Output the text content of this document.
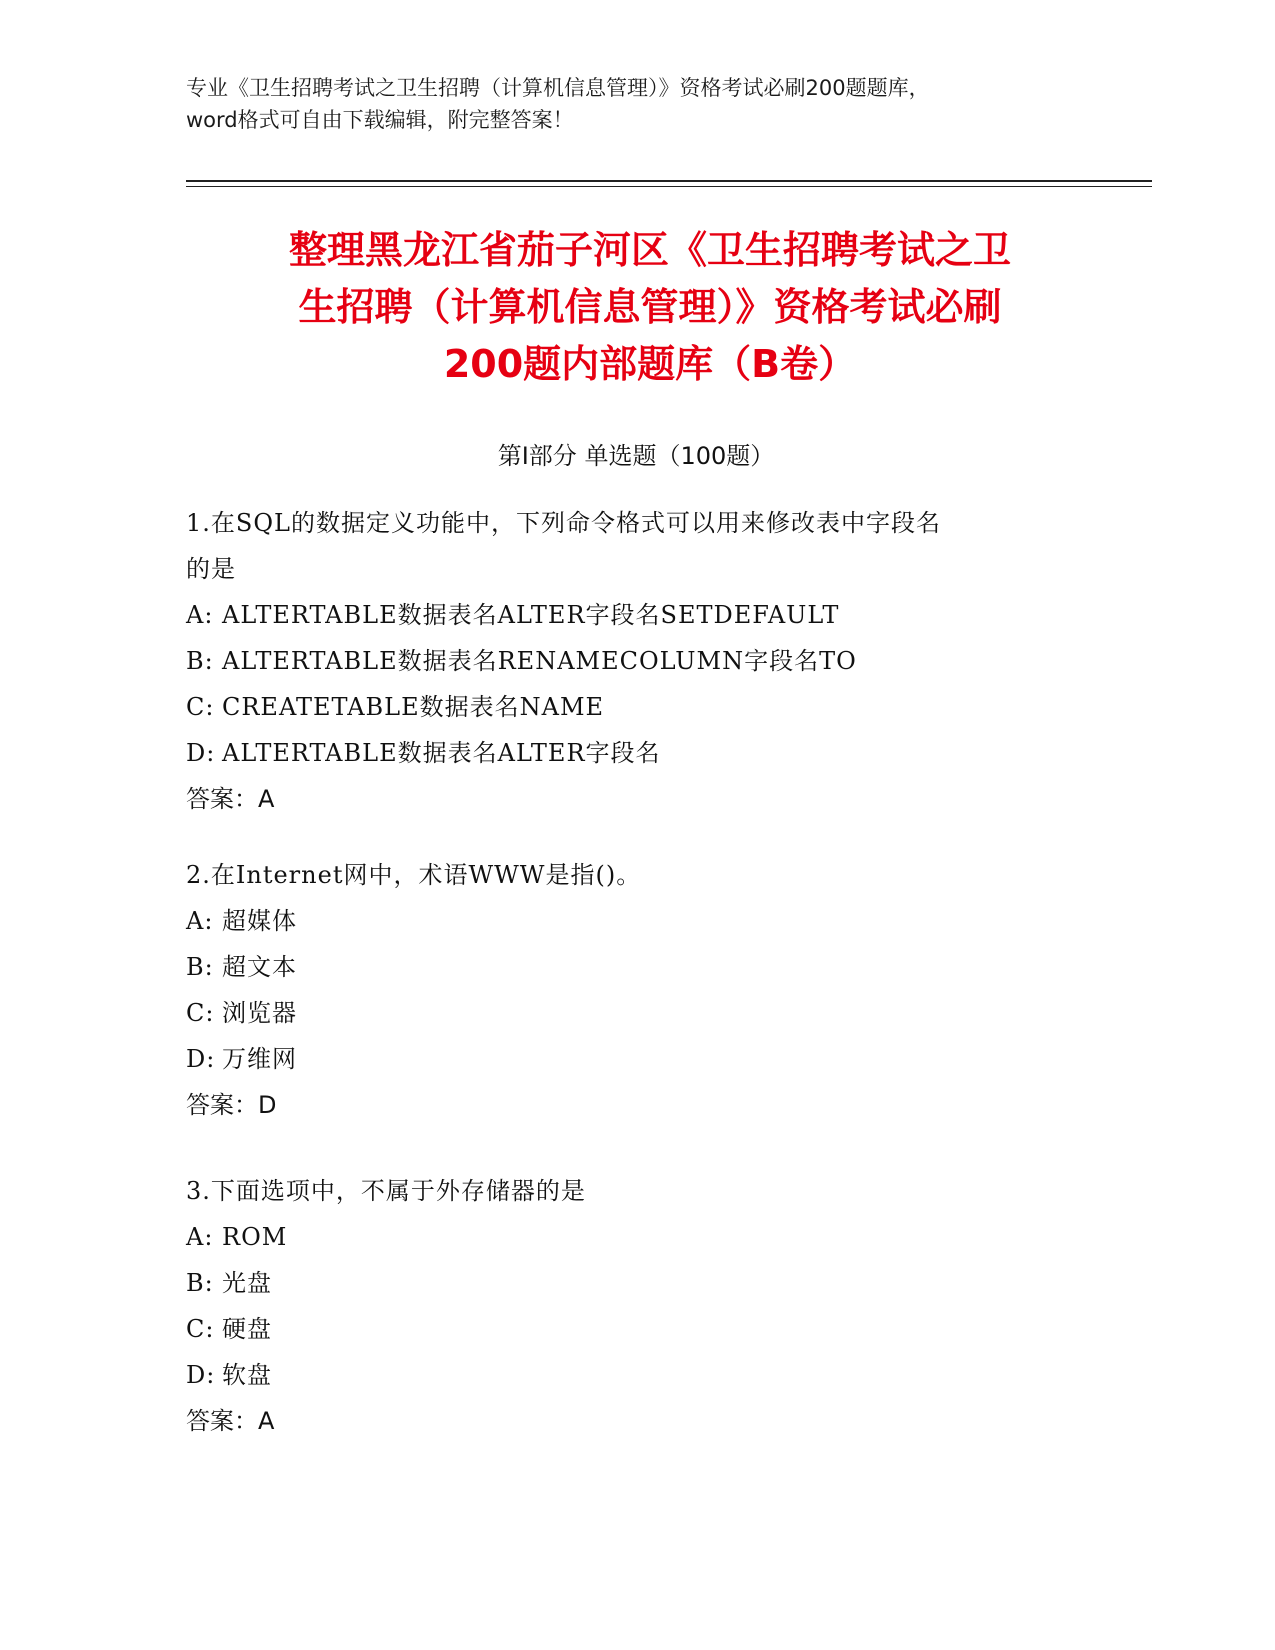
专业《卫生招聘考试之卫生招聘（计算机信息管理）》资格考试必刷200题题库，
word格式可自由下载编辑，附完整答案！
整理黑龙江省茄子河区《卫生招聘考试之卫
生招聘（计算机信息管理）》资格考试必刷
200题内部题库（B卷）
第Ⅰ部分 单选题（100题）
1.在SQL的数据定义功能中，下列命令格式可以用来修改表中字段名
的是
A: ALTERTABLE数据表名ALTER字段名SETDEFAULT
B: ALTERTABLE数据表名RENAMECOLUMN字段名TO
C: CREATETABLE数据表名NAME
D: ALTERTABLE数据表名ALTER字段名
答案：A
2.在Internet网中，术语WWW是指()。
A: 超媒体
B: 超文本
C: 浏览器
D: 万维网
答案：D
3.下面选项中，不属于外存储器的是
A: ROM
B: 光盘
C: 硬盘
D: 软盘
答案：A
